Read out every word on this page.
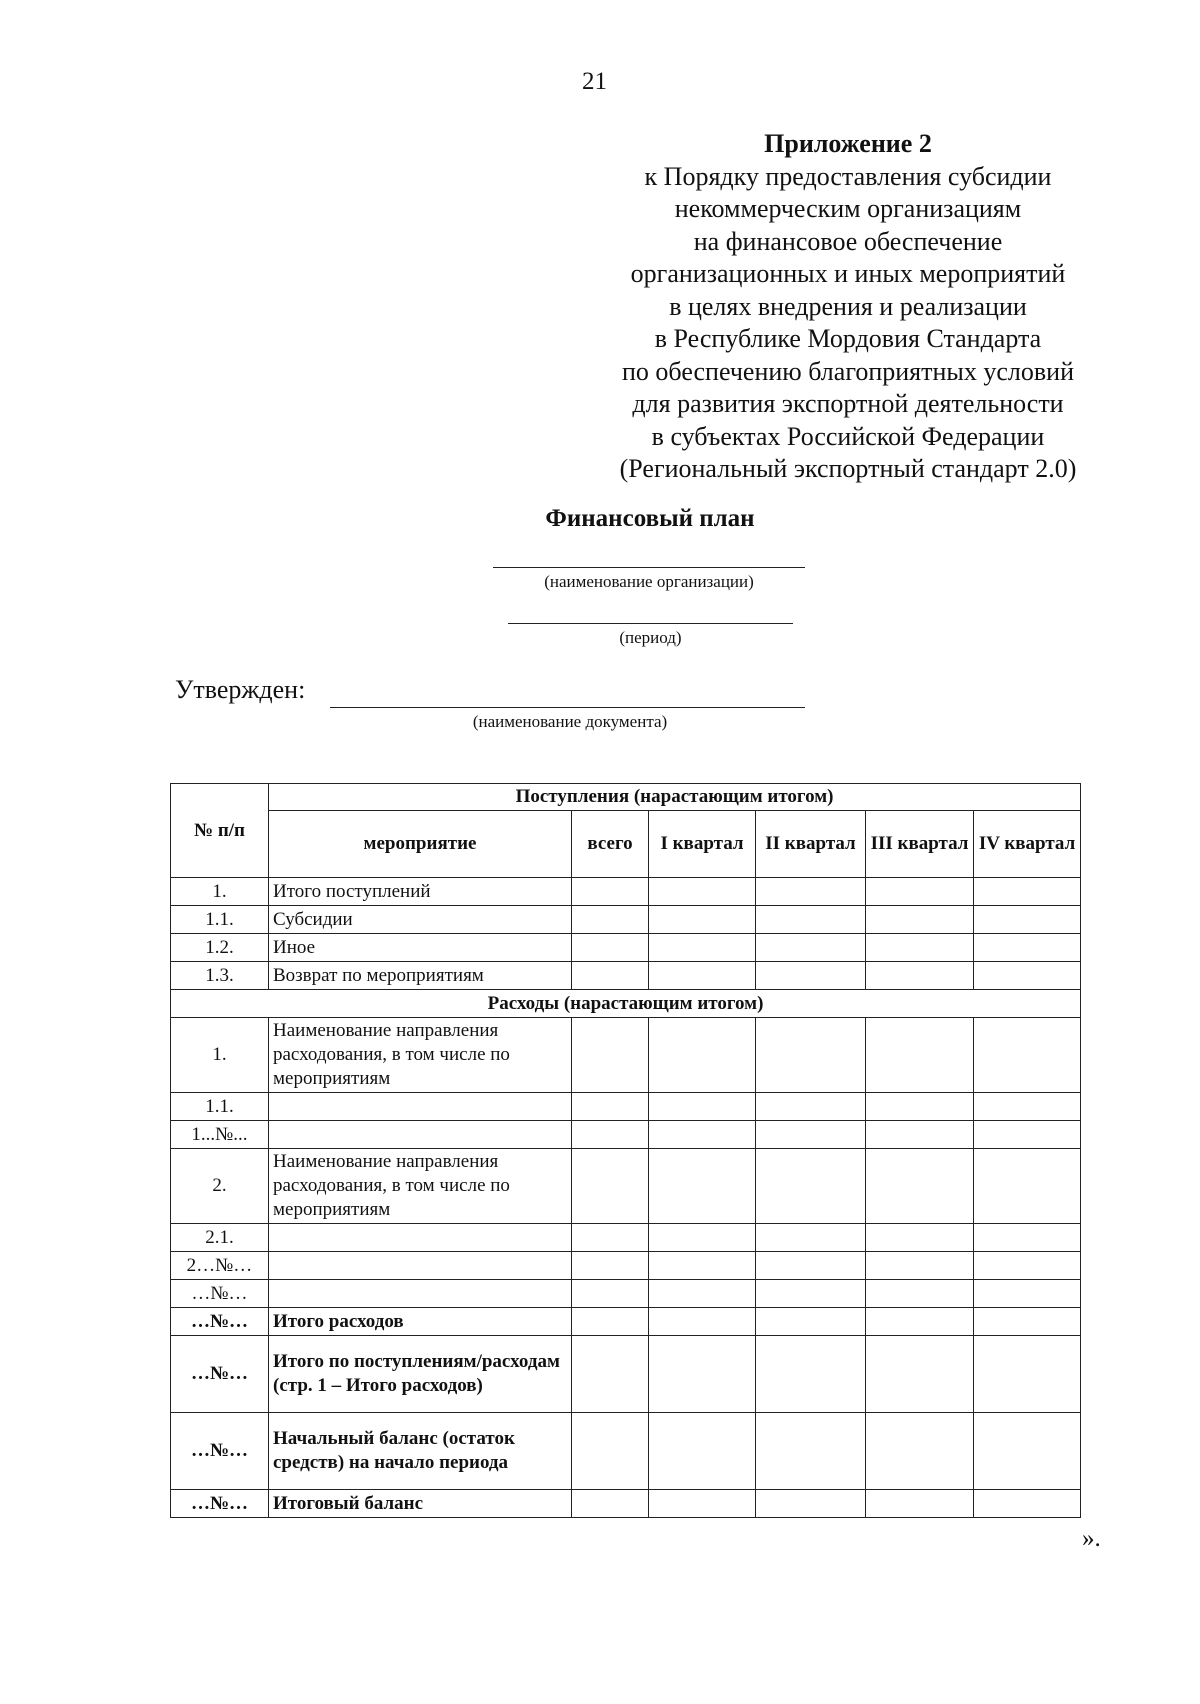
21
Приложение 2
к Порядку предоставления субсидии
некоммерческим организациям
на финансовое обеспечение
организационных и иных мероприятий
в целях внедрения и реализации
в Республике Мордовия Стандарта
по обеспечению благоприятных условий
для развития экспортной деятельности
в субъектах Российской Федерации
(Региональный экспортный стандарт 2.0)
Финансовый план
(наименование организации)
(период)
Утвержден:
(наименование документа)
№ п/п	Поступления (нарастающим итогом)					
	мероприятие	всего	I квартал	II квартал	III квартал	IV квартал
1.	Итого поступлений					
1.1.	Субсидии					
1.2.	Иное					
1.3.	Возврат по мероприятиям					
Расходы (нарастающим итогом)						
1.	Наименование направления расходования, в том числе по мероприятиям					
1.1.						
1...№...						
2.	Наименование направления расходования, в том числе по мероприятиям					
2.1.						
2…№…						
…№…						
…№…	Итого расходов					
…№…	Итого по поступлениям/расходам (стр. 1 – Итого расходов)					
…№…	Начальный баланс (остаток средств) на начало периода					
…№…	Итоговый баланс					
».
